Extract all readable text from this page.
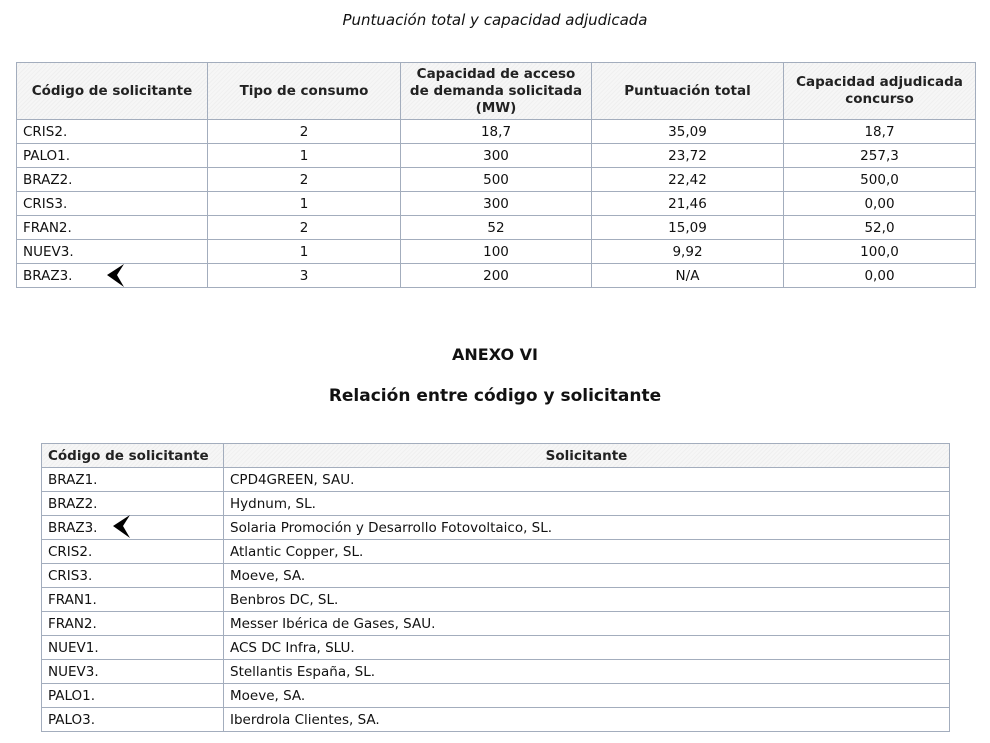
Puntuación total y capacidad adjudicada
Código de solicitante	Tipo de consumo	Capacidad de acceso de demanda solicitada (MW)	Puntuación total	Capacidad adjudicada concurso
CRIS2.	2	18,7	35,09	18,7
PALO1.	1	300	23,72	257,3
BRAZ2.	2	500	22,42	500,0
CRIS3.	1	300	21,46	0,00
FRAN2.	2	52	15,09	52,0
NUEV3.	1	100	9,92	100,0
BRAZ3.	3	200	N/A	0,00
ANEXO VI
Relación entre código y solicitante
Código de solicitante	Solicitante
BRAZ1.	CPD4GREEN, SAU.
BRAZ2.	Hydnum, SL.
BRAZ3.	Solaria Promoción y Desarrollo Fotovoltaico, SL.
CRIS2.	Atlantic Copper, SL.
CRIS3.	Moeve, SA.
FRAN1.	Benbros DC, SL.
FRAN2.	Messer Ibérica de Gases, SAU.
NUEV1.	ACS DC Infra, SLU.
NUEV3.	Stellantis España, SL.
PALO1.	Moeve, SA.
PALO3.	Iberdrola Clientes, SA.
